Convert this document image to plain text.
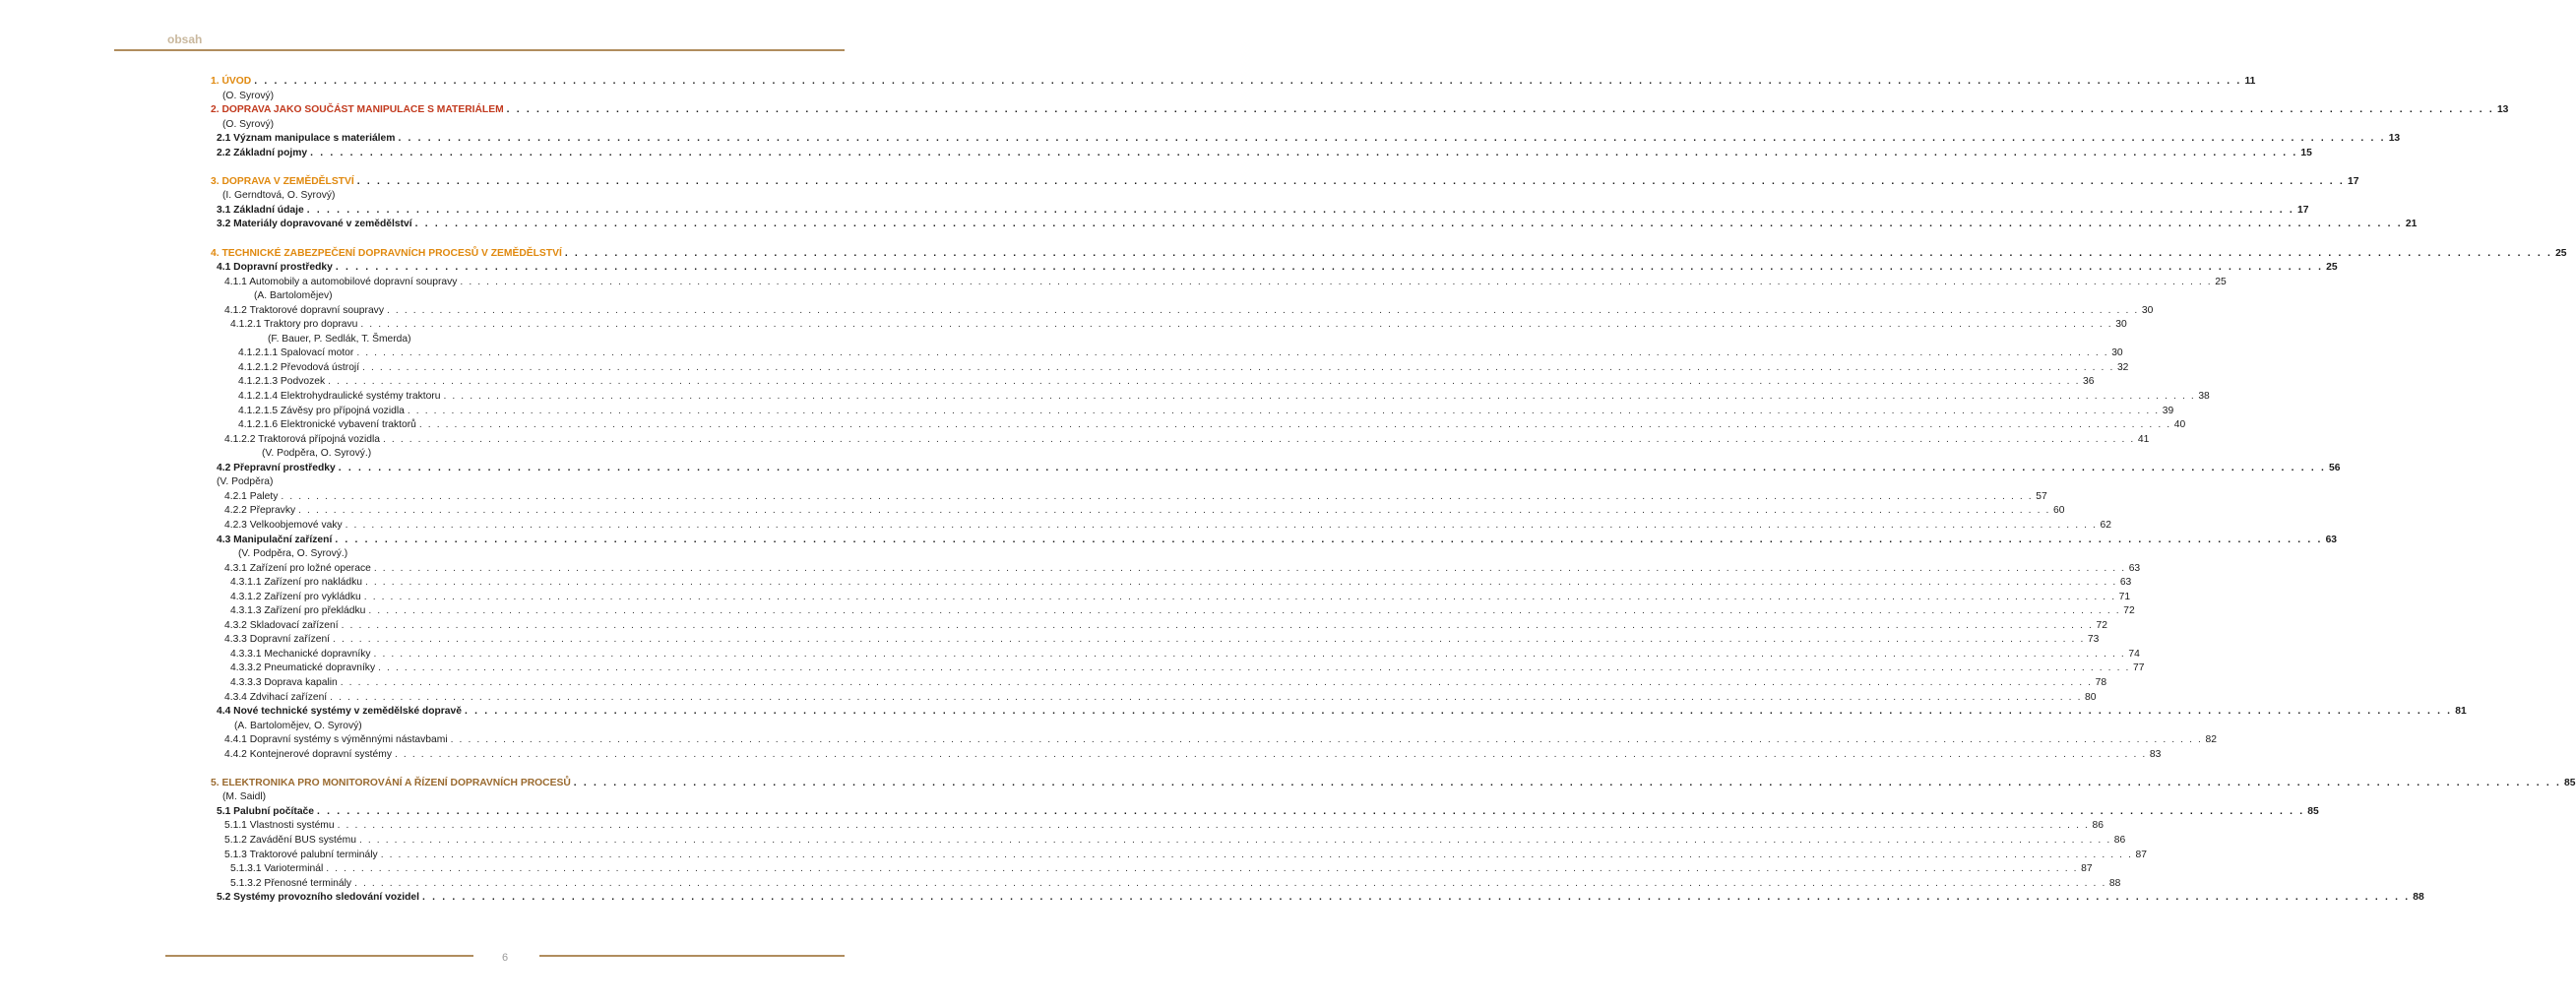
obsah
1. ÚVOD . . . . . . . . . . . . . . . . . . . . . . . . . . . . . . . . . . . . . . . . . . . . . . . . . . . . . . . . . . . . . . . . . . . . . . . . . . . . . . . . . . . . . . . . . . . . . . . . . . . . . . . . . . . . . . . . . . . . . . . . . . . . . . . . . . . . . . . . . . . . . . . . . . . . . . . . . . . . . . . . . . . . . . . . . . . . . . . . . . . . . . . . . . . . . . . . . . . . . . . . 11
(O. Syrový)
2. DOPRAVA JAKO SOUČÁST MANIPULACE S MATERIÁLEM . . . . . . . . . . . . . . . . . . . . . . . . . . . . . . . . . . . . . . . . . . . . . . . . . . . . . . . . . . . . . . . . . . . . . . . . . . . . . . . . . . . . . . . . . . . . . . . . . . . . . . . . . . . . . . . . . . . . . . . . . . . . . . . . . . . . . . . . . . . . . . . . . . . . . . . . . . . . . . . . . . . . . . . . . . . . . . . . . . . . . . . . . . . . . . . . . . . . . . . . 13
(O. Syrový)
2.1 Význam manipulace s materiálem . . . . . . . . . . . . . . . . . . . . . . . . . . . . . . . . . . . . . . . . . . . . . . . . . . . . . . . . . . . . . . . . . . . . . . . . . . . . . . . . . . . . . . . . . . . . . . . . . . . . . . . . . . . . . . . . . . . . . . . . . . . . . . . . . . . . . . . . . . . . . . . . . . . . . . . . . . . . . . . . . . . . . . . . . . . . . . . . . . . . . . . . . . . . . . . . . . . . . . . . 13
2.2 Základní pojmy . . . . . . . . . . . . . . . . . . . . . . . . . . . . . . . . . . . . . . . . . . . . . . . . . . . . . . . . . . . . . . . . . . . . . . . . . . . . . . . . . . . . . . . . . . . . . . . . . . . . . . . . . . . . . . . . . . . . . . . . . . . . . . . . . . . . . . . . . . . . . . . . . . . . . . . . . . . . . . . . . . . . . . . . . . . . . . . . . . . . . . . . . . . . . . . . . . . . . . . . 15
3. DOPRAVA V ZEMĚDĚLSTVÍ . . . . . . . . . . . . . . . . . . . . . . . . . . . . . . . . . . . . . . . . . . . . . . . . . . . . . . . . . . . . . . . . . . . . . . . . . . . . . . . . . . . . . . . . . . . . . . . . . . . . . . . . . . . . . . . . . . . . . . . . . . . . . . . . . . . . . . . . . . . . . . . . . . . . . . . . . . . . . . . . . . . . . . . . . . . . . . . . . . . . . . . . . . . . . . . . . . . . . . . . 17
(I. Gerndtová, O. Syrový)
3.1 Základní údaje . . . . . . . . . . . . . . . . . . . . . . . . . . . . . . . . . . . . . . . . . . . . . . . . . . . . . . . . . . . . . . . . . . . . . . . . . . . . . . . . . . . . . . . . . . . . . . . . . . . . . . . . . . . . . . . . . . . . . . . . . . . . . . . . . . . . . . . . . . . . . . . . . . . . . . . . . . . . . . . . . . . . . . . . . . . . . . . . . . . . . . . . . . . . . . . . . . . . . . . . 17
3.2 Materiály dopravované v zemědělství . . . . . . . . . . . . . . . . . . . . . . . . . . . . . . . . . . . . . . . . . . . . . . . . . . . . . . . . . . . . . . . . . . . . . . . . . . . . . . . . . . . . . . . . . . . . . . . . . . . . . . . . . . . . . . . . . . . . . . . . . . . . . . . . . . . . . . . . . . . . . . . . . . . . . . . . . . . . . . . . . . . . . . . . . . . . . . . . . . . . . . . . . . . . . . . . . . . . . . . . 21
4. TECHNICKÉ ZABEZPEČENÍ DOPRAVNÍCH PROCESŮ V ZEMĚDĚLSTVÍ . . . . . . . . . . . . . . . . . . . . . . . . . . . . . . . . . . . . . . . . . . . . . . . . . . . . . . . . . . . . . . . . . . . . . . . . . . . . . . . . . . . . . . . . . . . . . . . . . . . . . . . . . . . . . . . . . . . . . . . . . . . . . . . . . . . . . . . . . . . . . . . . . . . . . . . . . . . . . . . . . . . . . . . . . . . . . . . . . . . . . . . . . . . . . . . . . . . . . . . . 25
4.1 Dopravní prostředky . . . . . . . . . . . . . . . . . . . . . . . . . . . . . . . . . . . . . . . . . . . . . . . . . . . . . . . . . . . . . . . . . . . . . . . . . . . . . . . . . . . . . . . . . . . . . . . . . . . . . . . . . . . . . . . . . . . . . . . . . . . . . . . . . . . . . . . . . . . . . . . . . . . . . . . . . . . . . . . . . . . . . . . . . . . . . . . . . . . . . . . . . . . . . . . . . . . . . . . . 25
4.1.1 Automobily a automobilové dopravní soupravy . . . . . . . . . . . . . . . . . . . . . . . . . . . . . . . . . . . . . . . . . . . . . . . . . . . . . . . . . . . . . . . . . . . . . . . . . . . . . . . . . . . . . . . . . . . . . . . . . . . . . . . . . . . . . . . . . . . . . . . . . . . . . . . . . . . . . . . . . . . . . . . . . . . . . . . . . . . . . . . . . . . . . . . . . . . . . . . . . . . . . . . . . . . . . . . . . . . . . . . . 25
(A. Bartolomějev)
4.1.2 Traktorové dopravní soupravy . . . . . . . . . . . . . . . . . . . . . . . . . . . . . . . . . . . . . . . . . . . . . . . . . . . . . . . . . . . . . . . . . . . . . . . . . . . . . . . . . . . . . . . . . . . . . . . . . . . . . . . . . . . . . . . . . . . . . . . . . . . . . . . . . . . . . . . . . . . . . . . . . . . . . . . . . . . . . . . . . . . . . . . . . . . . . . . . . . . . . . . . . . . . . . . . . . . . . . . . 30
4.1.2.1 Traktory pro dopravu . . . . . . . . . . . . . . . . . . . . . . . . . . . . . . . . . . . . . . . . . . . . . . . . . . . . . . . . . . . . . . . . . . . . . . . . . . . . . . . . . . . . . . . . . . . . . . . . . . . . . . . . . . . . . . . . . . . . . . . . . . . . . . . . . . . . . . . . . . . . . . . . . . . . . . . . . . . . . . . . . . . . . . . . . . . . . . . . . . . . . . . . . . . . . . . . . . . . . . . . 30
(F. Bauer, P. Sedlák, T. Šmerda)
4.1.2.1.1 Spalovací motor . . . . . . . . . . . . . . . . . . . . . . . . . . . . . . . . . . . . . . . . . . . . . . . . . . . . . . . . . . . . . . . . . . . . . . . . . . . . . . . . . . . . . . . . . . . . . . . . . . . . . . . . . . . . . . . . . . . . . . . . . . . . . . . . . . . . . . . . . . . . . . . . . . . . . . . . . . . . . . . . . . . . . . . . . . . . . . . . . . . . . . . . . . . . . . . . . . . . . . . . 30
4.1.2.1.2 Převodová ústrojí . . . . . . . . . . . . . . . . . . . . . . . . . . . . . . . . . . . . . . . . . . . . . . . . . . . . . . . . . . . . . . . . . . . . . . . . . . . . . . . . . . . . . . . . . . . . . . . . . . . . . . . . . . . . . . . . . . . . . . . . . . . . . . . . . . . . . . . . . . . . . . . . . . . . . . . . . . . . . . . . . . . . . . . . . . . . . . . . . . . . . . . . . . . . . . . . . . . . . . . . 32
4.1.2.1.3 Podvozek . . . . . . . . . . . . . . . . . . . . . . . . . . . . . . . . . . . . . . . . . . . . . . . . . . . . . . . . . . . . . . . . . . . . . . . . . . . . . . . . . . . . . . . . . . . . . . . . . . . . . . . . . . . . . . . . . . . . . . . . . . . . . . . . . . . . . . . . . . . . . . . . . . . . . . . . . . . . . . . . . . . . . . . . . . . . . . . . . . . . . . . . . . . . . . . . . . . . . . . . 36
4.1.2.1.4 Elektrohydraulické systémy traktoru . . . . . . . . . . . . . . . . . . . . . . . . . . . . . . . . . . . . . . . . . . . . . . . . . . . . . . . . . . . . . . . . . . . . . . . . . . . . . . . . . . . . . . . . . . . . . . . . . . . . . . . . . . . . . . . . . . . . . . . . . . . . . . . . . . . . . . . . . . . . . . . . . . . . . . . . . . . . . . . . . . . . . . . . . . . . . . . . . . . . . . . . . . . . . . . . . . . . . . . . 38
4.1.2.1.5 Závěsy pro přípojná vozidla . . . . . . . . . . . . . . . . . . . . . . . . . . . . . . . . . . . . . . . . . . . . . . . . . . . . . . . . . . . . . . . . . . . . . . . . . . . . . . . . . . . . . . . . . . . . . . . . . . . . . . . . . . . . . . . . . . . . . . . . . . . . . . . . . . . . . . . . . . . . . . . . . . . . . . . . . . . . . . . . . . . . . . . . . . . . . . . . . . . . . . . . . . . . . . . . . . . . . . . . 39
4.1.2.1.6 Elektronické vybavení traktorů . . . . . . . . . . . . . . . . . . . . . . . . . . . . . . . . . . . . . . . . . . . . . . . . . . . . . . . . . . . . . . . . . . . . . . . . . . . . . . . . . . . . . . . . . . . . . . . . . . . . . . . . . . . . . . . . . . . . . . . . . . . . . . . . . . . . . . . . . . . . . . . . . . . . . . . . . . . . . . . . . . . . . . . . . . . . . . . . . . . . . . . . . . . . . . . . . . . . . . . . 40
4.1.2.2 Traktorová přípojná vozidla . . . . . . . . . . . . . . . . . . . . . . . . . . . . . . . . . . . . . . . . . . . . . . . . . . . . . . . . . . . . . . . . . . . . . . . . . . . . . . . . . . . . . . . . . . . . . . . . . . . . . . . . . . . . . . . . . . . . . . . . . . . . . . . . . . . . . . . . . . . . . . . . . . . . . . . . . . . . . . . . . . . . . . . . . . . . . . . . . . . . . . . . . . . . . . . . . . . . . . . . 41
(V. Podpěra, O. Syrový.)
4.2 Přepravní prostředky . . . . . . . . . . . . . . . . . . . . . . . . . . . . . . . . . . . . . . . . . . . . . . . . . . . . . . . . . . . . . . . . . . . . . . . . . . . . . . . . . . . . . . . . . . . . . . . . . . . . . . . . . . . . . . . . . . . . . . . . . . . . . . . . . . . . . . . . . . . . . . . . . . . . . . . . . . . . . . . . . . . . . . . . . . . . . . . . . . . . . . . . . . . . . . . . . . . . . . . . 56
(V. Podpěra)
4.2.1 Palety . . . . . . . . . . . . . . . . . . . . . . . . . . . . . . . . . . . . . . . . . . . . . . . . . . . . . . . . . . . . . . . . . . . . . . . . . . . . . . . . . . . . . . . . . . . . . . . . . . . . . . . . . . . . . . . . . . . . . . . . . . . . . . . . . . . . . . . . . . . . . . . . . . . . . . . . . . . . . . . . . . . . . . . . . . . . . . . . . . . . . . . . . . . . . . . . . . . . . . . . 57
4.2.2 Přepravky . . . . . . . . . . . . . . . . . . . . . . . . . . . . . . . . . . . . . . . . . . . . . . . . . . . . . . . . . . . . . . . . . . . . . . . . . . . . . . . . . . . . . . . . . . . . . . . . . . . . . . . . . . . . . . . . . . . . . . . . . . . . . . . . . . . . . . . . . . . . . . . . . . . . . . . . . . . . . . . . . . . . . . . . . . . . . . . . . . . . . . . . . . . . . . . . . . . . . . . . 60
4.2.3 Velkoobjemové vaky . . . . . . . . . . . . . . . . . . . . . . . . . . . . . . . . . . . . . . . . . . . . . . . . . . . . . . . . . . . . . . . . . . . . . . . . . . . . . . . . . . . . . . . . . . . . . . . . . . . . . . . . . . . . . . . . . . . . . . . . . . . . . . . . . . . . . . . . . . . . . . . . . . . . . . . . . . . . . . . . . . . . . . . . . . . . . . . . . . . . . . . . . . . . . . . . . . . . . . . . 62
4.3 Manipulační zařízení . . . . . . . . . . . . . . . . . . . . . . . . . . . . . . . . . . . . . . . . . . . . . . . . . . . . . . . . . . . . . . . . . . . . . . . . . . . . . . . . . . . . . . . . . . . . . . . . . . . . . . . . . . . . . . . . . . . . . . . . . . . . . . . . . . . . . . . . . . . . . . . . . . . . . . . . . . . . . . . . . . . . . . . . . . . . . . . . . . . . . . . . . . . . . . . . . . . . . . . . 63
(V. Podpěra, O. Syrový.)
4.3.1 Zařízení pro ložné operace . . . . . . . . . . . . . . . . . . . . . . . . . . . . . . . . . . . . . . . . . . . . . . . . . . . . . . . . . . . . . . . . . . . . . . . . . . . . . . . . . . . . . . . . . . . . . . . . . . . . . . . . . . . . . . . . . . . . . . . . . . . . . . . . . . . . . . . . . . . . . . . . . . . . . . . . . . . . . . . . . . . . . . . . . . . . . . . . . . . . . . . . . . . . . . . . . . . . . . . . 63
4.3.1.1 Zařízení pro nakládku . . . . . . . . . . . . . . . . . . . . . . . . . . . . . . . . . . . . . . . . . . . . . . . . . . . . . . . . . . . . . . . . . . . . . . . . . . . . . . . . . . . . . . . . . . . . . . . . . . . . . . . . . . . . . . . . . . . . . . . . . . . . . . . . . . . . . . . . . . . . . . . . . . . . . . . . . . . . . . . . . . . . . . . . . . . . . . . . . . . . . . . . . . . . . . . . . . . . . . . . 63
4.3.1.2 Zařízení pro vykládku . . . . . . . . . . . . . . . . . . . . . . . . . . . . . . . . . . . . . . . . . . . . . . . . . . . . . . . . . . . . . . . . . . . . . . . . . . . . . . . . . . . . . . . . . . . . . . . . . . . . . . . . . . . . . . . . . . . . . . . . . . . . . . . . . . . . . . . . . . . . . . . . . . . . . . . . . . . . . . . . . . . . . . . . . . . . . . . . . . . . . . . . . . . . . . . . . . . . . . . . 71
4.3.1.3 Zařízení pro překládku . . . . . . . . . . . . . . . . . . . . . . . . . . . . . . . . . . . . . . . . . . . . . . . . . . . . . . . . . . . . . . . . . . . . . . . . . . . . . . . . . . . . . . . . . . . . . . . . . . . . . . . . . . . . . . . . . . . . . . . . . . . . . . . . . . . . . . . . . . . . . . . . . . . . . . . . . . . . . . . . . . . . . . . . . . . . . . . . . . . . . . . . . . . . . . . . . . . . . . . . 72
4.3.2 Skladovací zařízení . . . . . . . . . . . . . . . . . . . . . . . . . . . . . . . . . . . . . . . . . . . . . . . . . . . . . . . . . . . . . . . . . . . . . . . . . . . . . . . . . . . . . . . . . . . . . . . . . . . . . . . . . . . . . . . . . . . . . . . . . . . . . . . . . . . . . . . . . . . . . . . . . . . . . . . . . . . . . . . . . . . . . . . . . . . . . . . . . . . . . . . . . . . . . . . . . . . . . . . . 72
4.3.3 Dopravní zařízení . . . . . . . . . . . . . . . . . . . . . . . . . . . . . . . . . . . . . . . . . . . . . . . . . . . . . . . . . . . . . . . . . . . . . . . . . . . . . . . . . . . . . . . . . . . . . . . . . . . . . . . . . . . . . . . . . . . . . . . . . . . . . . . . . . . . . . . . . . . . . . . . . . . . . . . . . . . . . . . . . . . . . . . . . . . . . . . . . . . . . . . . . . . . . . . . . . . . . . . . 73
4.3.3.1 Mechanické dopravníky . . . . . . . . . . . . . . . . . . . . . . . . . . . . . . . . . . . . . . . . . . . . . . . . . . . . . . . . . . . . . . . . . . . . . . . . . . . . . . . . . . . . . . . . . . . . . . . . . . . . . . . . . . . . . . . . . . . . . . . . . . . . . . . . . . . . . . . . . . . . . . . . . . . . . . . . . . . . . . . . . . . . . . . . . . . . . . . . . . . . . . . . . . . . . . . . . . . . . . . . 74
4.3.3.2 Pneumatické dopravníky . . . . . . . . . . . . . . . . . . . . . . . . . . . . . . . . . . . . . . . . . . . . . . . . . . . . . . . . . . . . . . . . . . . . . . . . . . . . . . . . . . . . . . . . . . . . . . . . . . . . . . . . . . . . . . . . . . . . . . . . . . . . . . . . . . . . . . . . . . . . . . . . . . . . . . . . . . . . . . . . . . . . . . . . . . . . . . . . . . . . . . . . . . . . . . . . . . . . . . . . 77
4.3.3.3 Doprava kapalin . . . . . . . . . . . . . . . . . . . . . . . . . . . . . . . . . . . . . . . . . . . . . . . . . . . . . . . . . . . . . . . . . . . . . . . . . . . . . . . . . . . . . . . . . . . . . . . . . . . . . . . . . . . . . . . . . . . . . . . . . . . . . . . . . . . . . . . . . . . . . . . . . . . . . . . . . . . . . . . . . . . . . . . . . . . . . . . . . . . . . . . . . . . . . . . . . . . . . . . . 78
4.3.4 Zdvihací zařízení . . . . . . . . . . . . . . . . . . . . . . . . . . . . . . . . . . . . . . . . . . . . . . . . . . . . . . . . . . . . . . . . . . . . . . . . . . . . . . . . . . . . . . . . . . . . . . . . . . . . . . . . . . . . . . . . . . . . . . . . . . . . . . . . . . . . . . . . . . . . . . . . . . . . . . . . . . . . . . . . . . . . . . . . . . . . . . . . . . . . . . . . . . . . . . . . . . . . . . . . 80
4.4 Nové technické systémy v zemědělské dopravě . . . . . . . . . . . . . . . . . . . . . . . . . . . . . . . . . . . . . . . . . . . . . . . . . . . . . . . . . . . . . . . . . . . . . . . . . . . . . . . . . . . . . . . . . . . . . . . . . . . . . . . . . . . . . . . . . . . . . . . . . . . . . . . . . . . . . . . . . . . . . . . . . . . . . . . . . . . . . . . . . . . . . . . . . . . . . . . . . . . . . . . . . . . . . . . . . . . . . . . . 81
(A. Bartoloměјev, O. Syrový)
4.4.1 Dopravní systémy s výměnnými nástavbami . . . . . . . . . . . . . . . . . . . . . . . . . . . . . . . . . . . . . . . . . . . . . . . . . . . . . . . . . . . . . . . . . . . . . . . . . . . . . . . . . . . . . . . . . . . . . . . . . . . . . . . . . . . . . . . . . . . . . . . . . . . . . . . . . . . . . . . . . . . . . . . . . . . . . . . . . . . . . . . . . . . . . . . . . . . . . . . . . . . . . . . . . . . . . . . . . . . . . . . . 82
4.4.2 Kontejnerové dopravní systémy . . . . . . . . . . . . . . . . . . . . . . . . . . . . . . . . . . . . . . . . . . . . . . . . . . . . . . . . . . . . . . . . . . . . . . . . . . . . . . . . . . . . . . . . . . . . . . . . . . . . . . . . . . . . . . . . . . . . . . . . . . . . . . . . . . . . . . . . . . . . . . . . . . . . . . . . . . . . . . . . . . . . . . . . . . . . . . . . . . . . . . . . . . . . . . . . . . . . . . . . 83
5. ELEKTRONIKA PRO MONITOROVÁNÍ A ŘÍZENÍ DOPRAVNÍCH PROCESŮ . . . . . . . . . . . . . . . . . . . . . . . . . . . . . . . . . . . . . . . . . . . . . . . . . . . . . . . . . . . . . . . . . . . . . . . . . . . . . . . . . . . . . . . . . . . . . . . . . . . . . . . . . . . . . . . . . . . . . . . . . . . . . . . . . . . . . . . . . . . . . . . . . . . . . . . . . . . . . . . . . . . . . . . . . . . . . . . . . . . . . . . . . . . . . . . . . . . . . . . . 85
(M. Saidl)
5.1 Palubní počítače . . . . . . . . . . . . . . . . . . . . . . . . . . . . . . . . . . . . . . . . . . . . . . . . . . . . . . . . . . . . . . . . . . . . . . . . . . . . . . . . . . . . . . . . . . . . . . . . . . . . . . . . . . . . . . . . . . . . . . . . . . . . . . . . . . . . . . . . . . . . . . . . . . . . . . . . . . . . . . . . . . . . . . . . . . . . . . . . . . . . . . . . . . . . . . . . . . . . . . . . 85
5.1.1 Vlastnosti systému . . . . . . . . . . . . . . . . . . . . . . . . . . . . . . . . . . . . . . . . . . . . . . . . . . . . . . . . . . . . . . . . . . . . . . . . . . . . . . . . . . . . . . . . . . . . . . . . . . . . . . . . . . . . . . . . . . . . . . . . . . . . . . . . . . . . . . . . . . . . . . . . . . . . . . . . . . . . . . . . . . . . . . . . . . . . . . . . . . . . . . . . . . . . . . . . . . . . . . . . 86
5.1.2 Zavádění BUS systému . . . . . . . . . . . . . . . . . . . . . . . . . . . . . . . . . . . . . . . . . . . . . . . . . . . . . . . . . . . . . . . . . . . . . . . . . . . . . . . . . . . . . . . . . . . . . . . . . . . . . . . . . . . . . . . . . . . . . . . . . . . . . . . . . . . . . . . . . . . . . . . . . . . . . . . . . . . . . . . . . . . . . . . . . . . . . . . . . . . . . . . . . . . . . . . . . . . . . . . . 86
5.1.3 Traktorové palubní terminály . . . . . . . . . . . . . . . . . . . . . . . . . . . . . . . . . . . . . . . . . . . . . . . . . . . . . . . . . . . . . . . . . . . . . . . . . . . . . . . . . . . . . . . . . . . . . . . . . . . . . . . . . . . . . . . . . . . . . . . . . . . . . . . . . . . . . . . . . . . . . . . . . . . . . . . . . . . . . . . . . . . . . . . . . . . . . . . . . . . . . . . . . . . . . . . . . . . . . . . . 87
5.1.3.1 Varioterminál . . . . . . . . . . . . . . . . . . . . . . . . . . . . . . . . . . . . . . . . . . . . . . . . . . . . . . . . . . . . . . . . . . . . . . . . . . . . . . . . . . . . . . . . . . . . . . . . . . . . . . . . . . . . . . . . . . . . . . . . . . . . . . . . . . . . . . . . . . . . . . . . . . . . . . . . . . . . . . . . . . . . . . . . . . . . . . . . . . . . . . . . . . . . . . . . . . . . . . . . 87
5.1.3.2 Přenosné terminály . . . . . . . . . . . . . . . . . . . . . . . . . . . . . . . . . . . . . . . . . . . . . . . . . . . . . . . . . . . . . . . . . . . . . . . . . . . . . . . . . . . . . . . . . . . . . . . . . . . . . . . . . . . . . . . . . . . . . . . . . . . . . . . . . . . . . . . . . . . . . . . . . . . . . . . . . . . . . . . . . . . . . . . . . . . . . . . . . . . . . . . . . . . . . . . . . . . . . . . . 88
5.2 Systémy provozního sledování vozidel . . . . . . . . . . . . . . . . . . . . . . . . . . . . . . . . . . . . . . . . . . . . . . . . . . . . . . . . . . . . . . . . . . . . . . . . . . . . . . . . . . . . . . . . . . . . . . . . . . . . . . . . . . . . . . . . . . . . . . . . . . . . . . . . . . . . . . . . . . . . . . . . . . . . . . . . . . . . . . . . . . . . . . . . . . . . . . . . . . . . . . . . . . . . . . . . . . . . . . . . 88
6
